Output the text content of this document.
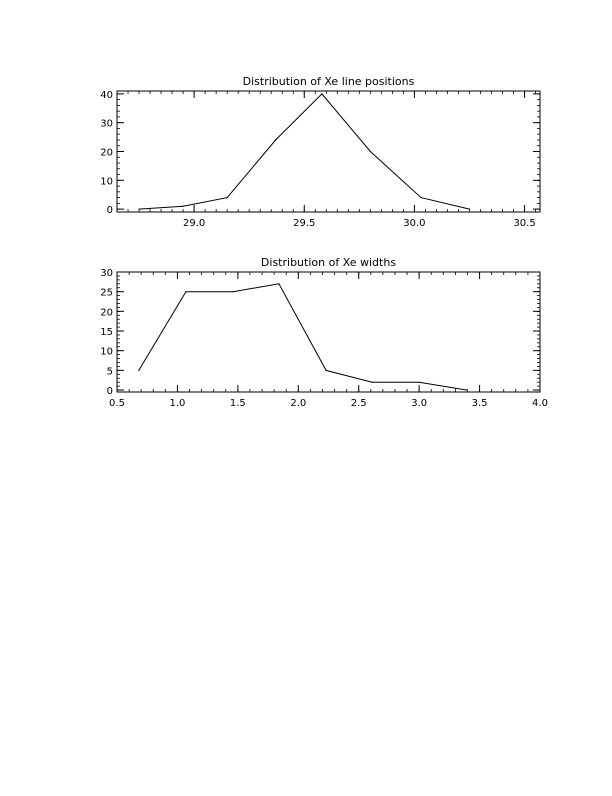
Distribution of Xe line positions
29.0	29.5	30.0	30.5
0
10
20
30
40
Distribution of Xe widths
0.5	1.0	1.5	2.0	2.5	3.0	3.5	4.0
0
5
10
15
20
25
30
